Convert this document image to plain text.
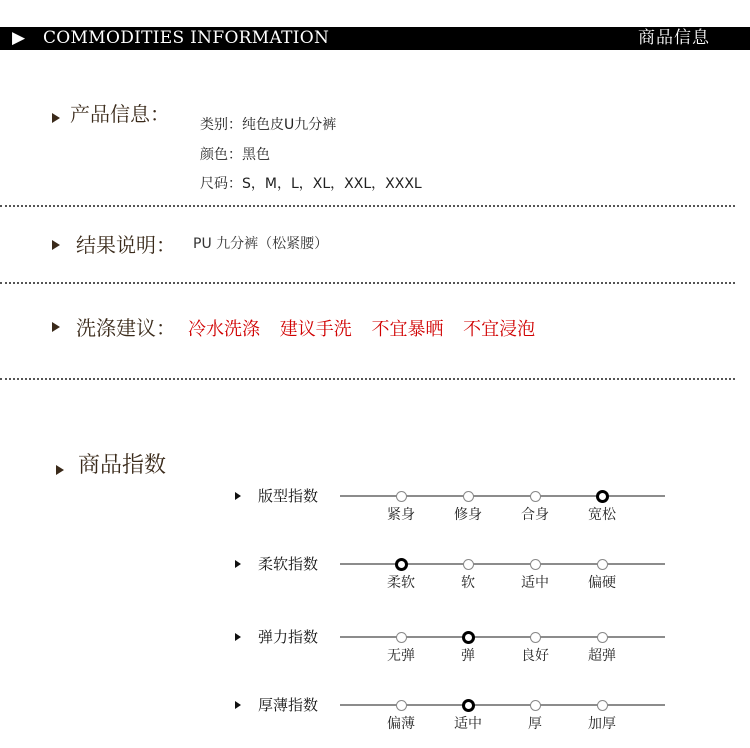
▶ COMMODITIES INFORMATION	商品信息
产品信息： 类别：纯色皮U九分裤
颜色：黑色
尺码：S，M，L，XL，XXL，XXXL
结果说明： PU 九分裤（松紧腰）
洗涤建议： 冷水洗涤 建议手洗 不宜暴晒 不宜浸泡
商品指数
版型指数
紧身	修身	合身	宽松
柔软指数
柔软	软	适中	偏硬
弹力指数
无弹	弹	良好	超弹
厚薄指数
偏薄	适中	厚	加厚
